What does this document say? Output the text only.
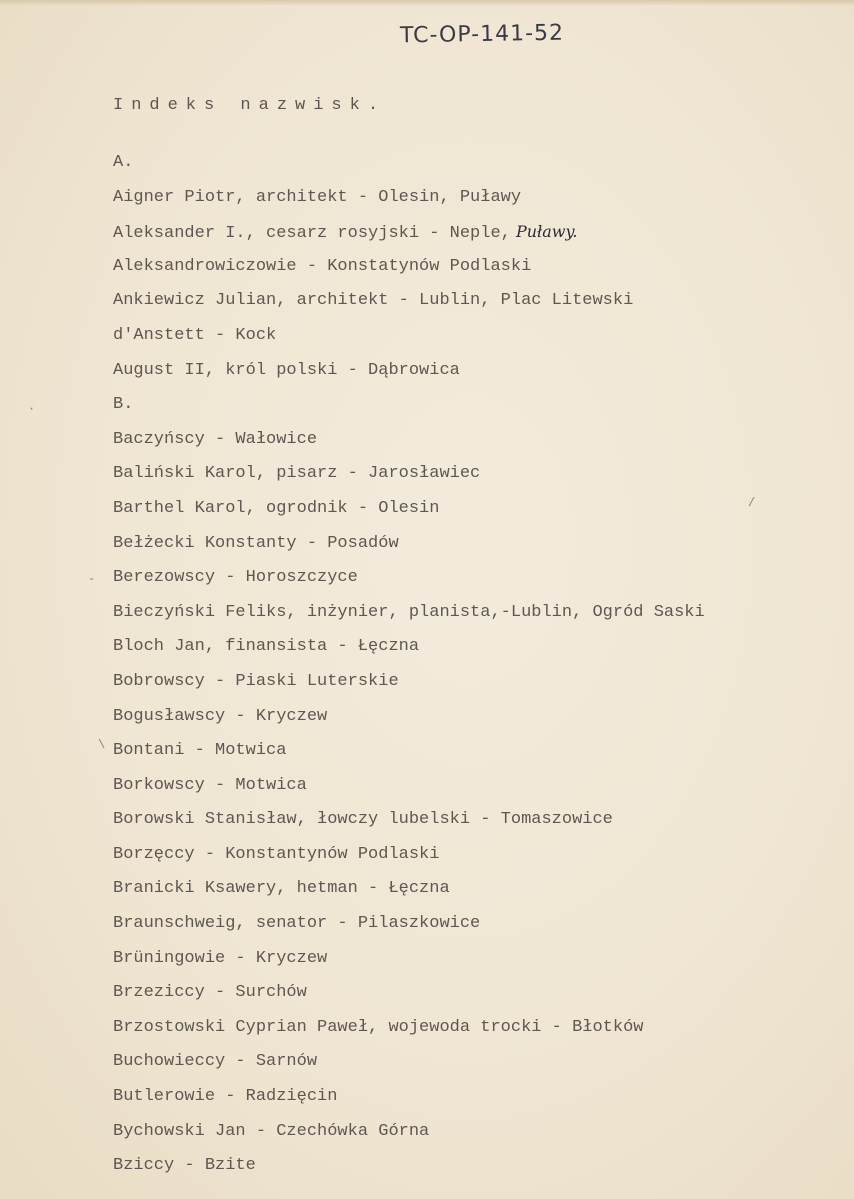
TC-OP-141-52
Indeks nazwisk.
A.
Aigner Piotr, architekt - Olesin, Puławy
Aleksander I., cesarz rosyjski - Neple, Puławy.
Aleksandrowiczowie - Konstatynów Podlaski
Ankiewicz Julian, architekt - Lublin, Plac Litewski
d'Anstett - Kock
August II, król polski - Dąbrowica
B.
Baczyńscy - Wałowice
Baliński Karol, pisarz - Jarosławiec
Barthel Karol, ogrodnik - Olesin
Bełżecki Konstanty - Posadów
Berezowscy - Horoszczyce
Bieczyński Feliks, inżynier, planista,-Lublin, Ogród Saski
Bloch Jan, finansista - Łęczna
Bobrowscy - Piaski Luterskie
Bogusławscy - Kryczew
Bontani - Motwica
Borkowscy - Motwica
Borowski Stanisław, łowczy lubelski - Tomaszowice
Borzęccy - Konstantynów Podlaski
Branicki Ksawery, hetman - Łęczna
Braunschweig, senator - Pilaszkowice
Brüningowie - Kryczew
Brzeziccy - Surchów
Brzostowski Cyprian Paweł, wojewoda trocki - Błotków
Buchowieccy - Sarnów
Butlerowie - Radzięcin
Bychowski Jan - Czechówka Górna
Bziccy - Bzite
·
-
/
\
